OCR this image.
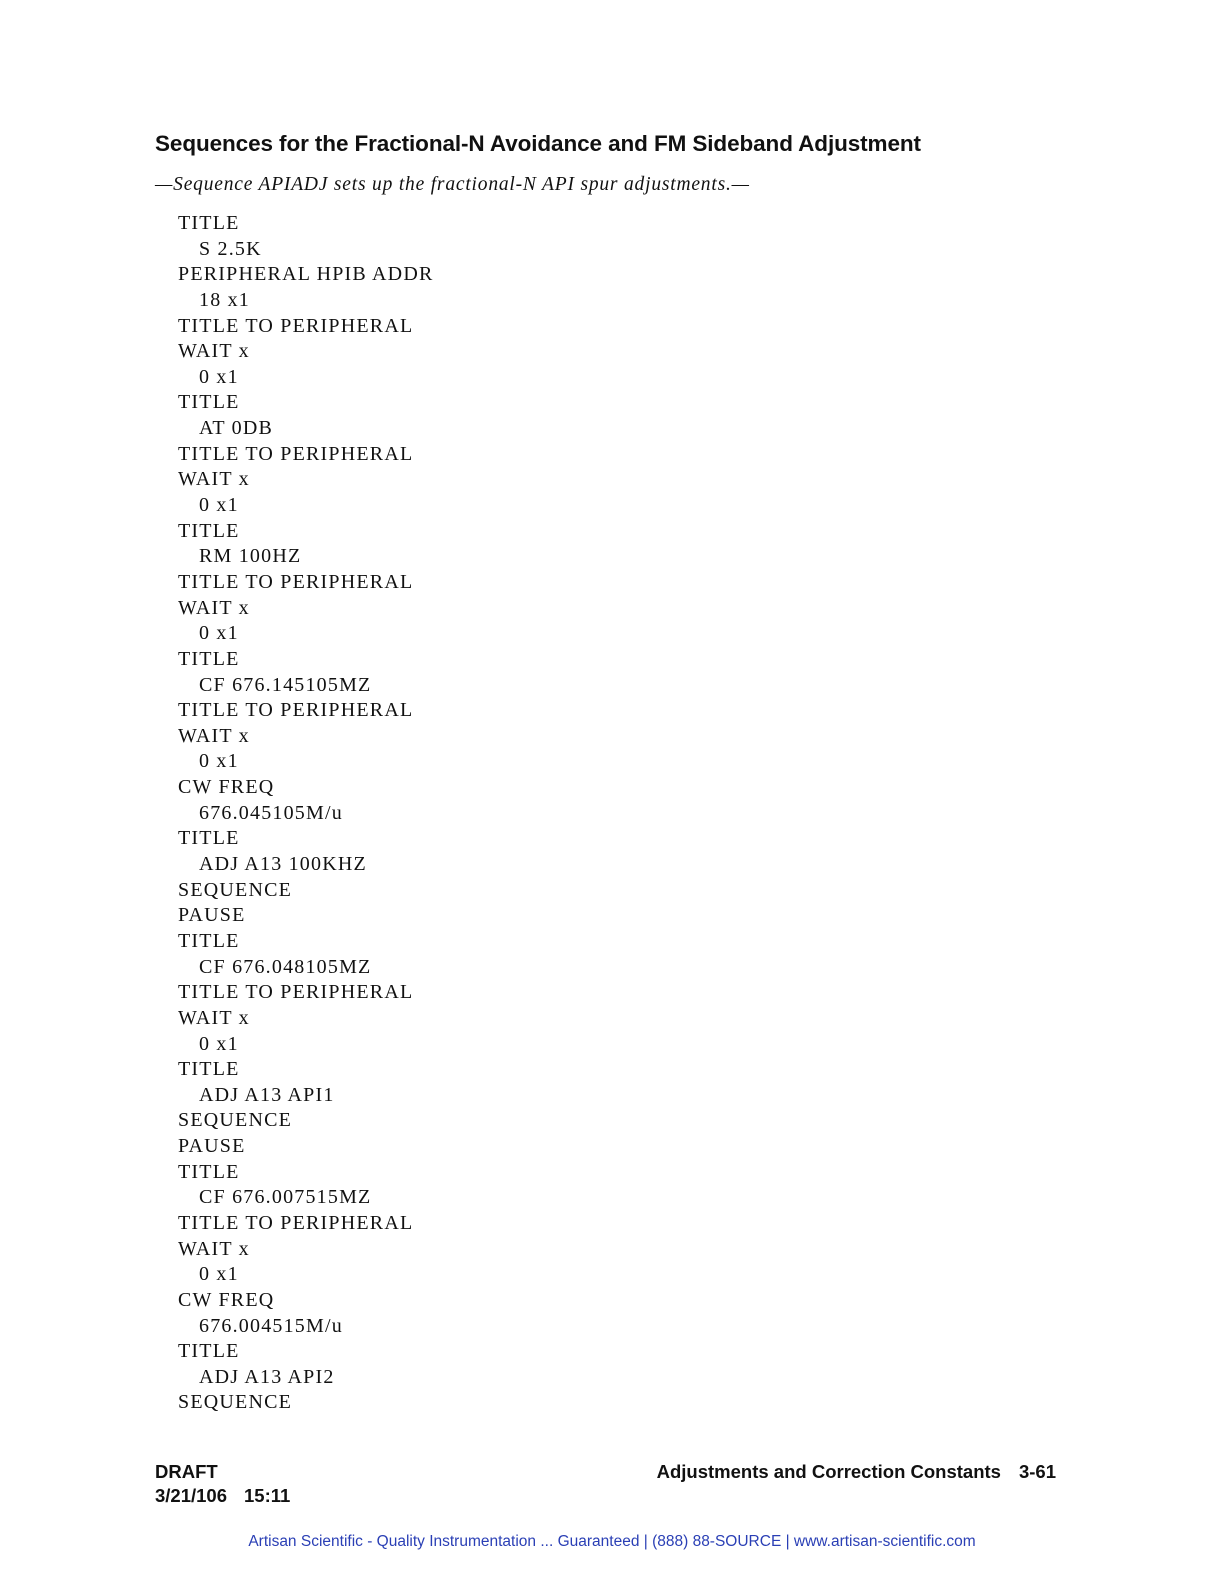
Sequences for the Fractional-N Avoidance and FM Sideband Adjustment

—Sequence APIADJ sets up the fractional-N API spur adjustments.—

TITLE
S 2.5K
PERIPHERAL HPIB ADDR
18 x1
TITLE TO PERIPHERAL
WAIT x
0 x1
TITLE
AT 0DB
TITLE TO PERIPHERAL
WAIT x
0 x1
TITLE
RM 100HZ
TITLE TO PERIPHERAL
WAIT x
0 x1
TITLE
CF 676.145105MZ
TITLE TO PERIPHERAL
WAIT x
0 x1
CW FREQ
676.045105M/u
TITLE
ADJ A13 100KHZ
SEQUENCE
PAUSE
TITLE
CF 676.048105MZ
TITLE TO PERIPHERAL
WAIT x
0 x1
TITLE
ADJ A13 API1
SEQUENCE
PAUSE
TITLE
CF 676.007515MZ
TITLE TO PERIPHERAL
WAIT x
0 x1
CW FREQ
676.004515M/u
TITLE
ADJ A13 API2
SEQUENCE
DRAFT
3/21/106 15:11
Adjustments and Correction Constants 3-61
Artisan Scientific - Quality Instrumentation ... Guaranteed | (888) 88-SOURCE | www.artisan-scientific.com
